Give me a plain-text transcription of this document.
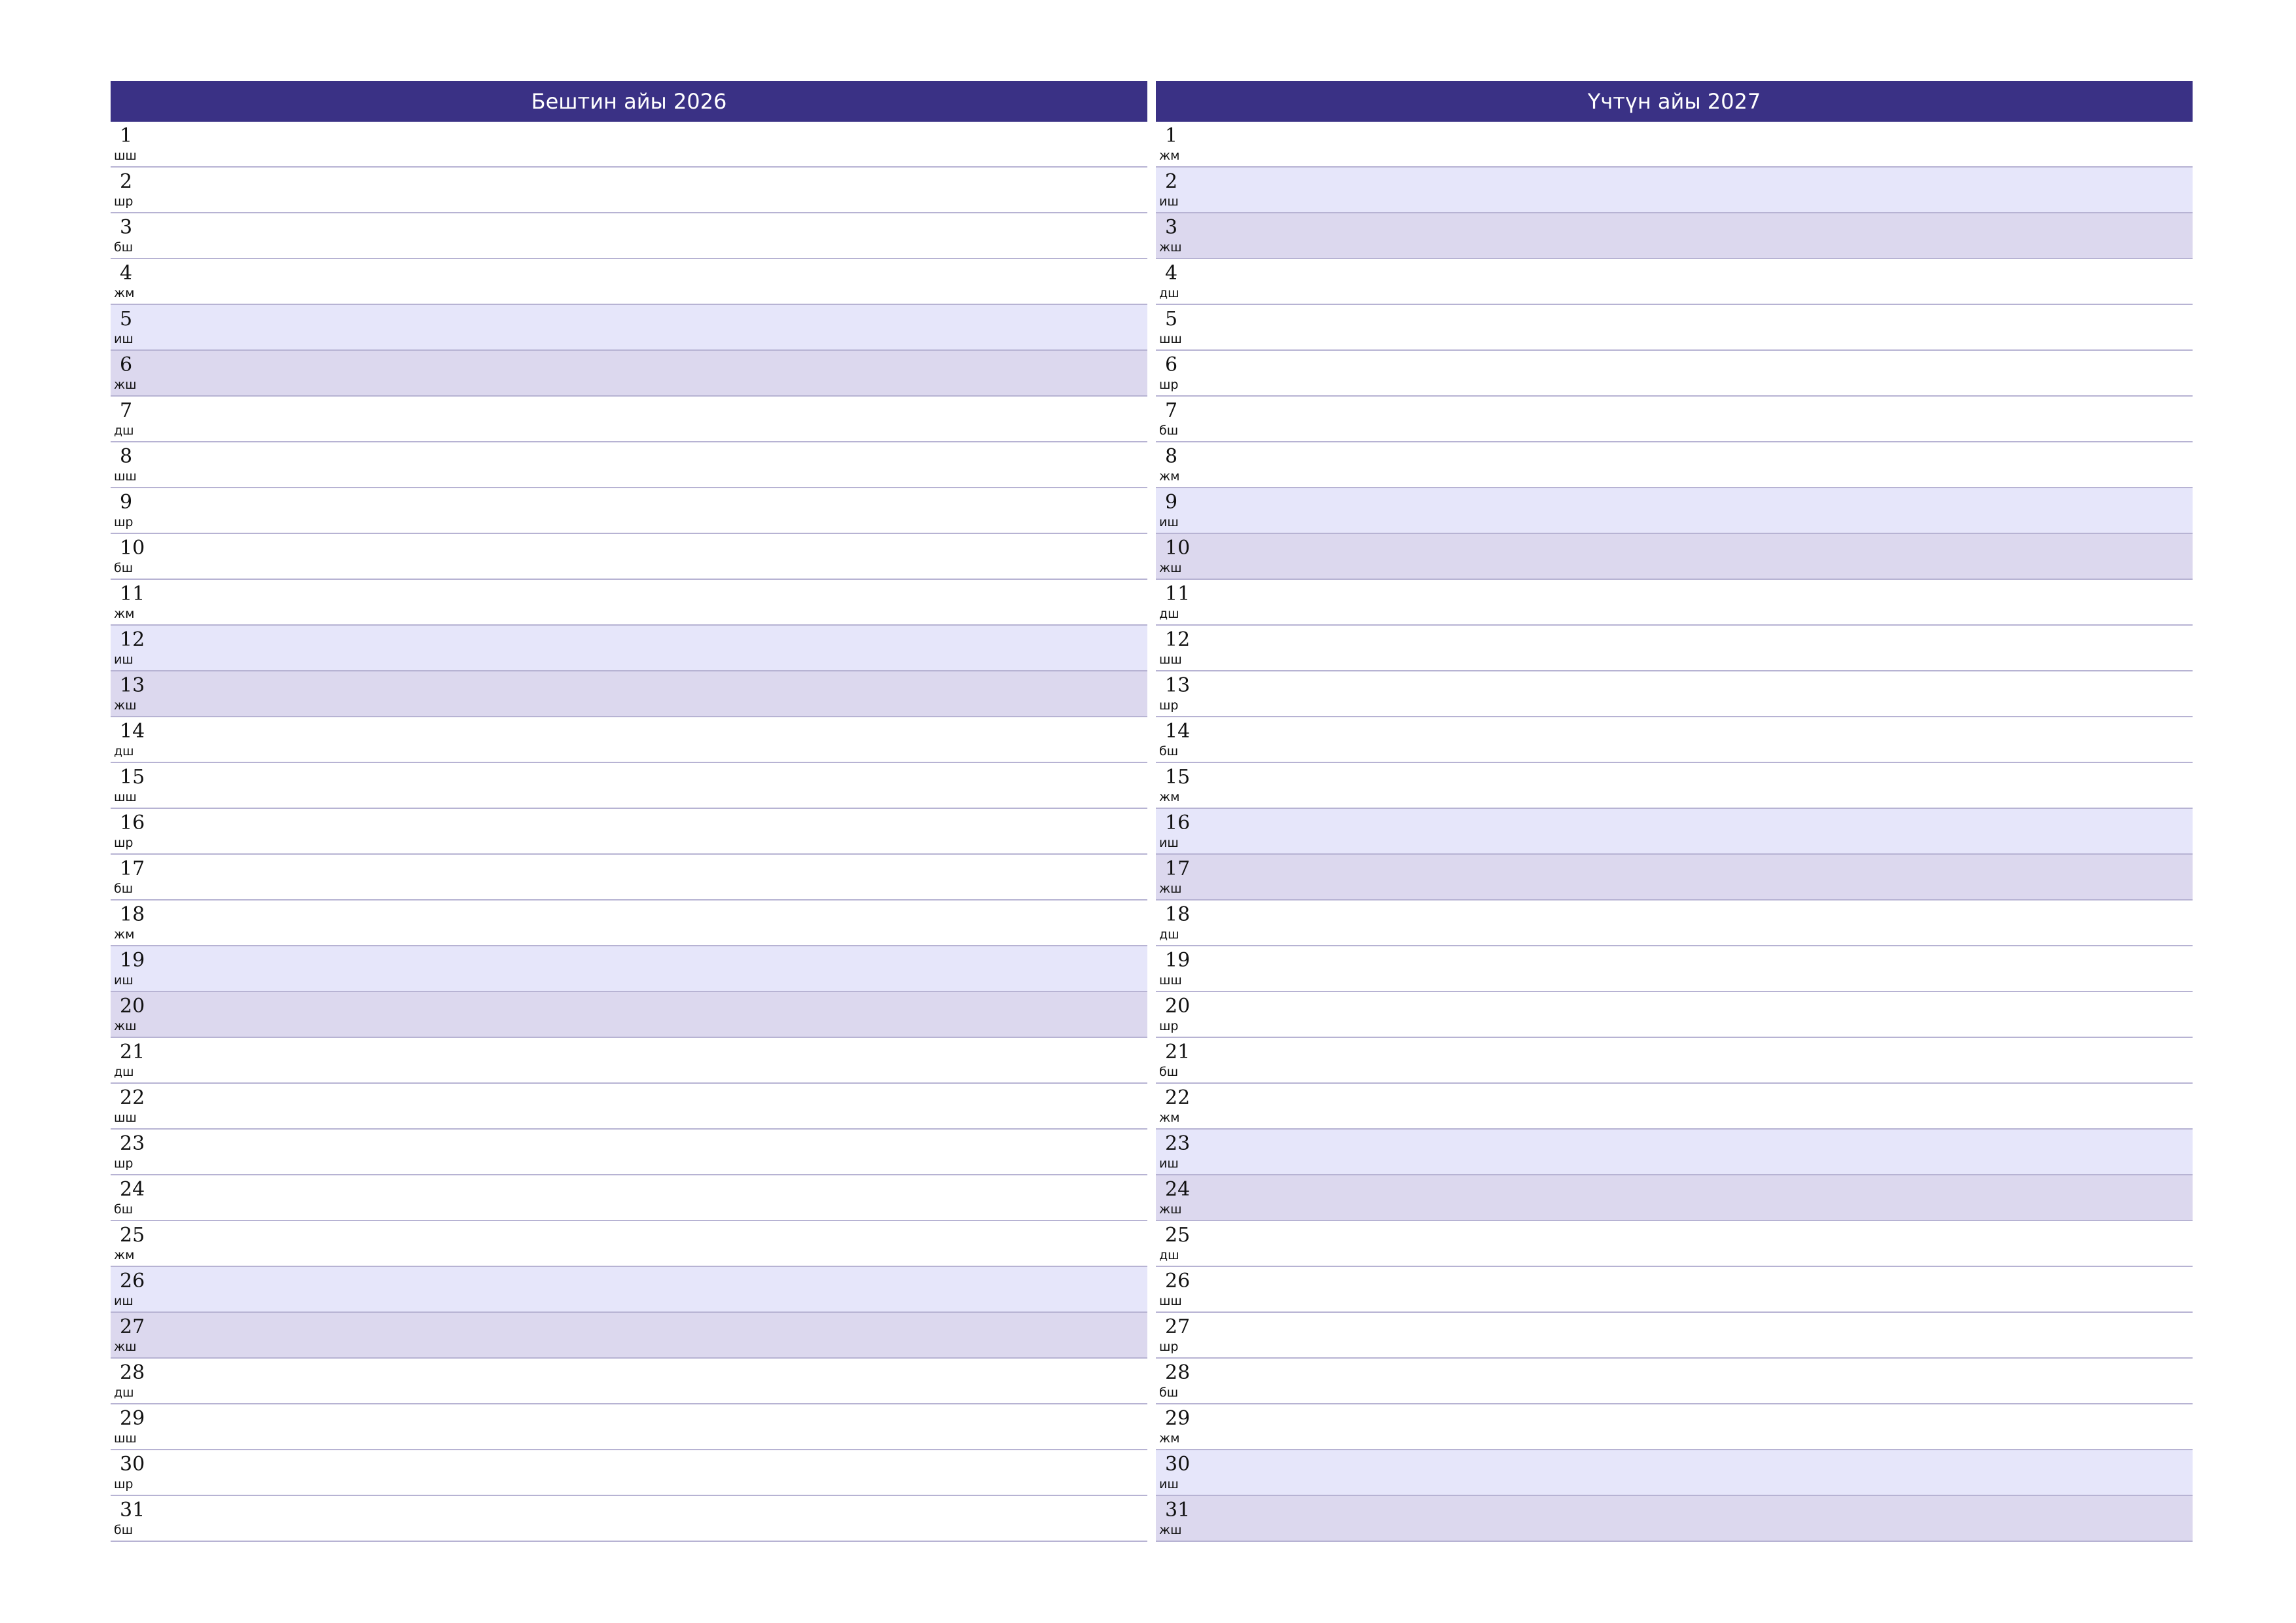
Бештин айы 2026
1
шш
2
шр
3
бш
4
жм
5
иш
6
жш
7
дш
8
шш
9
шр
10
бш
11
жм
12
иш
13
жш
14
дш
15
шш
16
шр
17
бш
18
жм
19
иш
20
жш
21
дш
22
шш
23
шр
24
бш
25
жм
26
иш
27
жш
28
дш
29
шш
30
шр
31
бш
Үчтүн айы 2027
1
жм
2
иш
3
жш
4
дш
5
шш
6
шр
7
бш
8
жм
9
иш
10
жш
11
дш
12
шш
13
шр
14
бш
15
жм
16
иш
17
жш
18
дш
19
шш
20
шр
21
бш
22
жм
23
иш
24
жш
25
дш
26
шш
27
шр
28
бш
29
жм
30
иш
31
жш
